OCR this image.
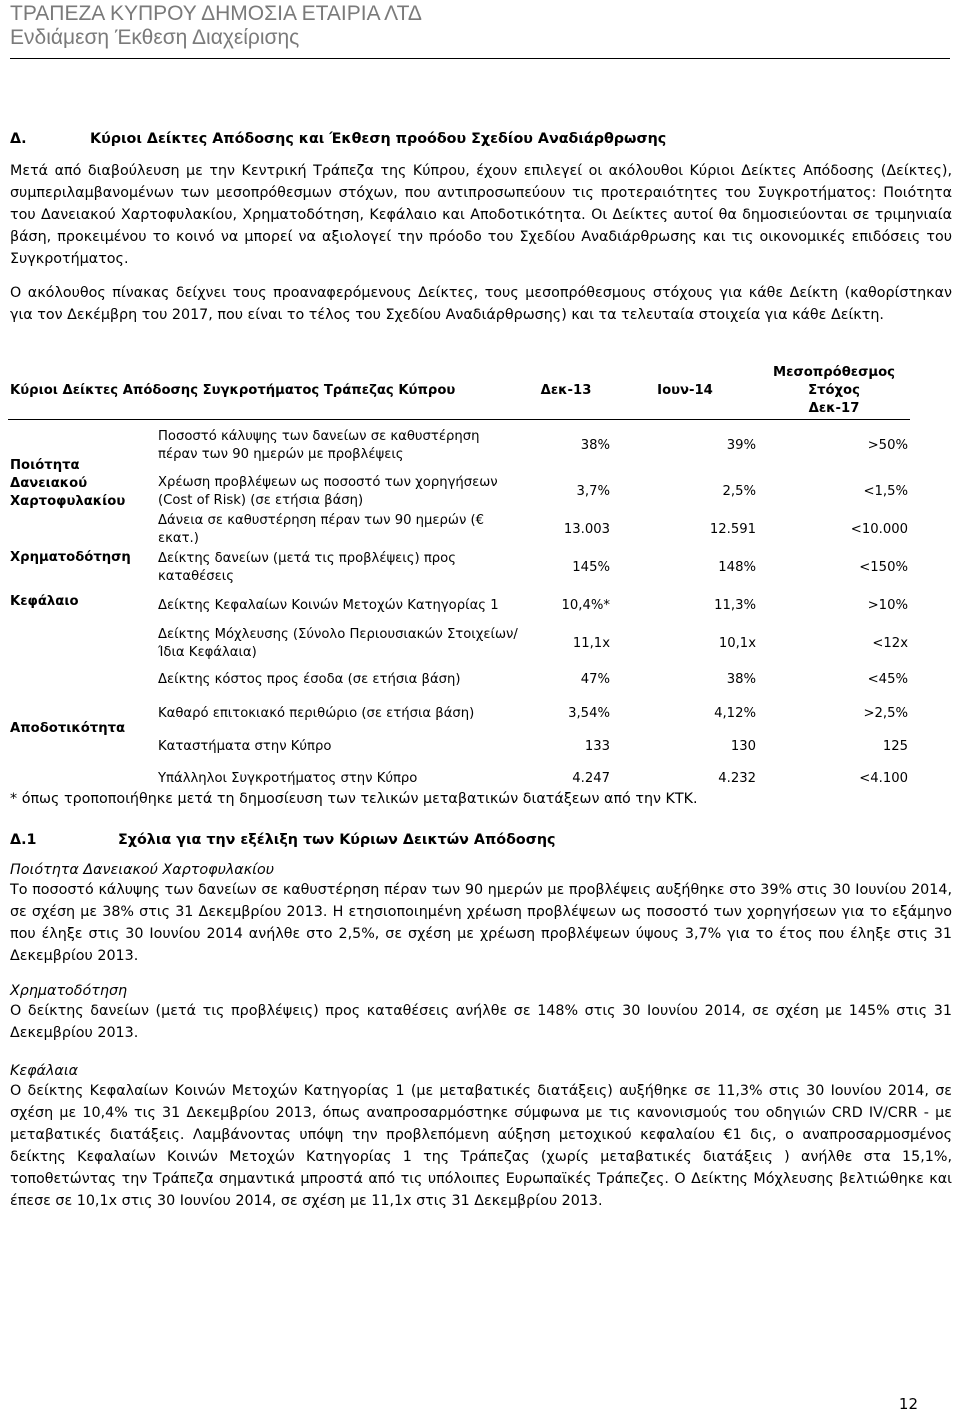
ΤΡΑΠΕΖΑ ΚΥΠΡΟΥ ΔΗΜΟΣΙΑ ΕΤΑΙΡΙΑ ΛΤΔ
Ενδιάμεση Έκθεση Διαχείρισης
Δ.	Κύριοι Δείκτες Απόδοσης και Έκθεση προόδου Σχεδίου Αναδιάρθρωσης

Μετά από διαβούλευση με την Κεντρική Τράπεζα της Κύπρου, έχουν επιλεγεί οι ακόλουθοι Κύριοι Δείκτες Απόδοσης (Δείκτες), συμπεριλαμβανομένων των μεσοπρόθεσμων στόχων, που αντιπροσωπεύουν τις προτεραιότητες του Συγκροτήματος: Ποιότητα του Δανειακού Χαρτοφυλακίου, Χρηματοδότηση, Κεφάλαιο και Αποδοτικότητα. Οι Δείκτες αυτοί θα δημοσιεύονται σε τριμηνιαία βάση, προκειμένου το κοινό να μπορεί να αξιολογεί την πρόοδο του Σχεδίου Αναδιάρθρωσης και τις οικονομικές επιδόσεις του Συγκροτήματος.

Ο ακόλουθος πίνακας δείχνει τους προαναφερόμενους Δείκτες, τους μεσοπρόθεσμους στόχους για κάθε Δείκτη (καθορίστηκαν για τον Δεκέμβρη του 2017, που είναι το τέλος του Σχεδίου Αναδιάρθρωσης) και τα τελευταία στοιχεία για κάθε Δείκτη.

Κύριοι Δείκτες Απόδοσης Συγκροτήματος Τράπεζας Κύπρου		Δεκ-13	Ιουν-14	Μεσοπρόθεσμος
Στόχος
Δεκ-17

Ποιότητα Δανειακού Χαρτοφυλακίου	Ποσοστό κάλυψης των δανείων σε καθυστέρηση πέραν των 90 ημερών με προβλέψεις	38%	39%	>50%
	Χρέωση προβλέψεων ως ποσοστό των χορηγήσεων (Cost of Risk) (σε ετήσια βάση)	3,7%	2,5%	<1,5%
	Δάνεια σε καθυστέρηση πέραν των 90 ημερών (€ εκατ.)	13.003	12.591	<10.000
Χρηματοδότηση	Δείκτης δανείων (μετά τις προβλέψεις) προς καταθέσεις	145%	148%	<150%
Κεφάλαιο	Δείκτης Κεφαλαίων Κοινών Μετοχών Κατηγορίας 1	10,4%*	11,3%	>10%
	Δείκτης Μόχλευσης (Σύνολο Περιουσιακών Στοιχείων/Ίδια Κεφάλαια)	11,1x	10,1x	<12x
Αποδοτικότητα	Δείκτης κόστος προς έσοδα (σε ετήσια βάση)	47%	38%	<45%
	Καθαρό επιτοκιακό περιθώριο (σε ετήσια βάση)	3,54%	4,12%	>2,5%
	Καταστήματα στην Κύπρο	133	130	125
	Υπάλληλοι Συγκροτήματος στην Κύπρο	4.247	4.232	<4.100

* όπως τροποποιήθηκε μετά τη δημοσίευση των τελικών μεταβατικών διατάξεων από την ΚΤΚ.

Δ.1	Σχόλια για την εξέλιξη των Κύριων Δεικτών Απόδοσης

Ποιότητα Δανειακού Χαρτοφυλακίου

Το ποσοστό κάλυψης των δανείων σε καθυστέρηση πέραν των 90 ημερών με προβλέψεις αυξήθηκε στο 39% στις 30 Ιουνίου 2014, σε σχέση με 38% στις 31 Δεκεμβρίου 2013. Η ετησιοποιημένη χρέωση προβλέψεων ως ποσοστό των χορηγήσεων για το εξάμηνο που έληξε στις 30 Ιουνίου 2014 ανήλθε στο 2,5%, σε σχέση με χρέωση προβλέψεων ύψους 3,7% για το έτος που έληξε στις 31 Δεκεμβρίου 2013.

Χρηματοδότηση

Ο δείκτης δανείων (μετά τις προβλέψεις) προς καταθέσεις ανήλθε σε 148% στις 30 Ιουνίου 2014, σε σχέση με 145% στις 31 Δεκεμβρίου 2013.

Κεφάλαια

Ο δείκτης Κεφαλαίων Κοινών Μετοχών Κατηγορίας 1 (με μεταβατικές διατάξεις) αυξήθηκε σε 11,3% στις 30 Ιουνίου 2014, σε σχέση με 10,4% τις 31 Δεκεμβρίου 2013, όπως αναπροσαρμόστηκε σύμφωνα με τις κανονισμούς του οδηγιών CRD IV/CRR - με μεταβατικές διατάξεις. Λαμβάνοντας υπόψη την προβλεπόμενη αύξηση μετοχικού κεφαλαίου €1 δις, ο αναπροσαρμοσμένος δείκτης Κεφαλαίων Κοινών Μετοχών Κατηγορίας 1 της Τράπεζας (χωρίς μεταβατικές διατάξεις ) ανήλθε στα 15,1%, τοποθετώντας την Τράπεζα σημαντικά μπροστά από τις υπόλοιπες Ευρωπαϊκές Τράπεζες. Ο Δείκτης Μόχλευσης βελτιώθηκε και έπεσε σε 10,1x στις 30 Ιουνίου 2014, σε σχέση με 11,1x στις 31 Δεκεμβρίου 2013.

12
